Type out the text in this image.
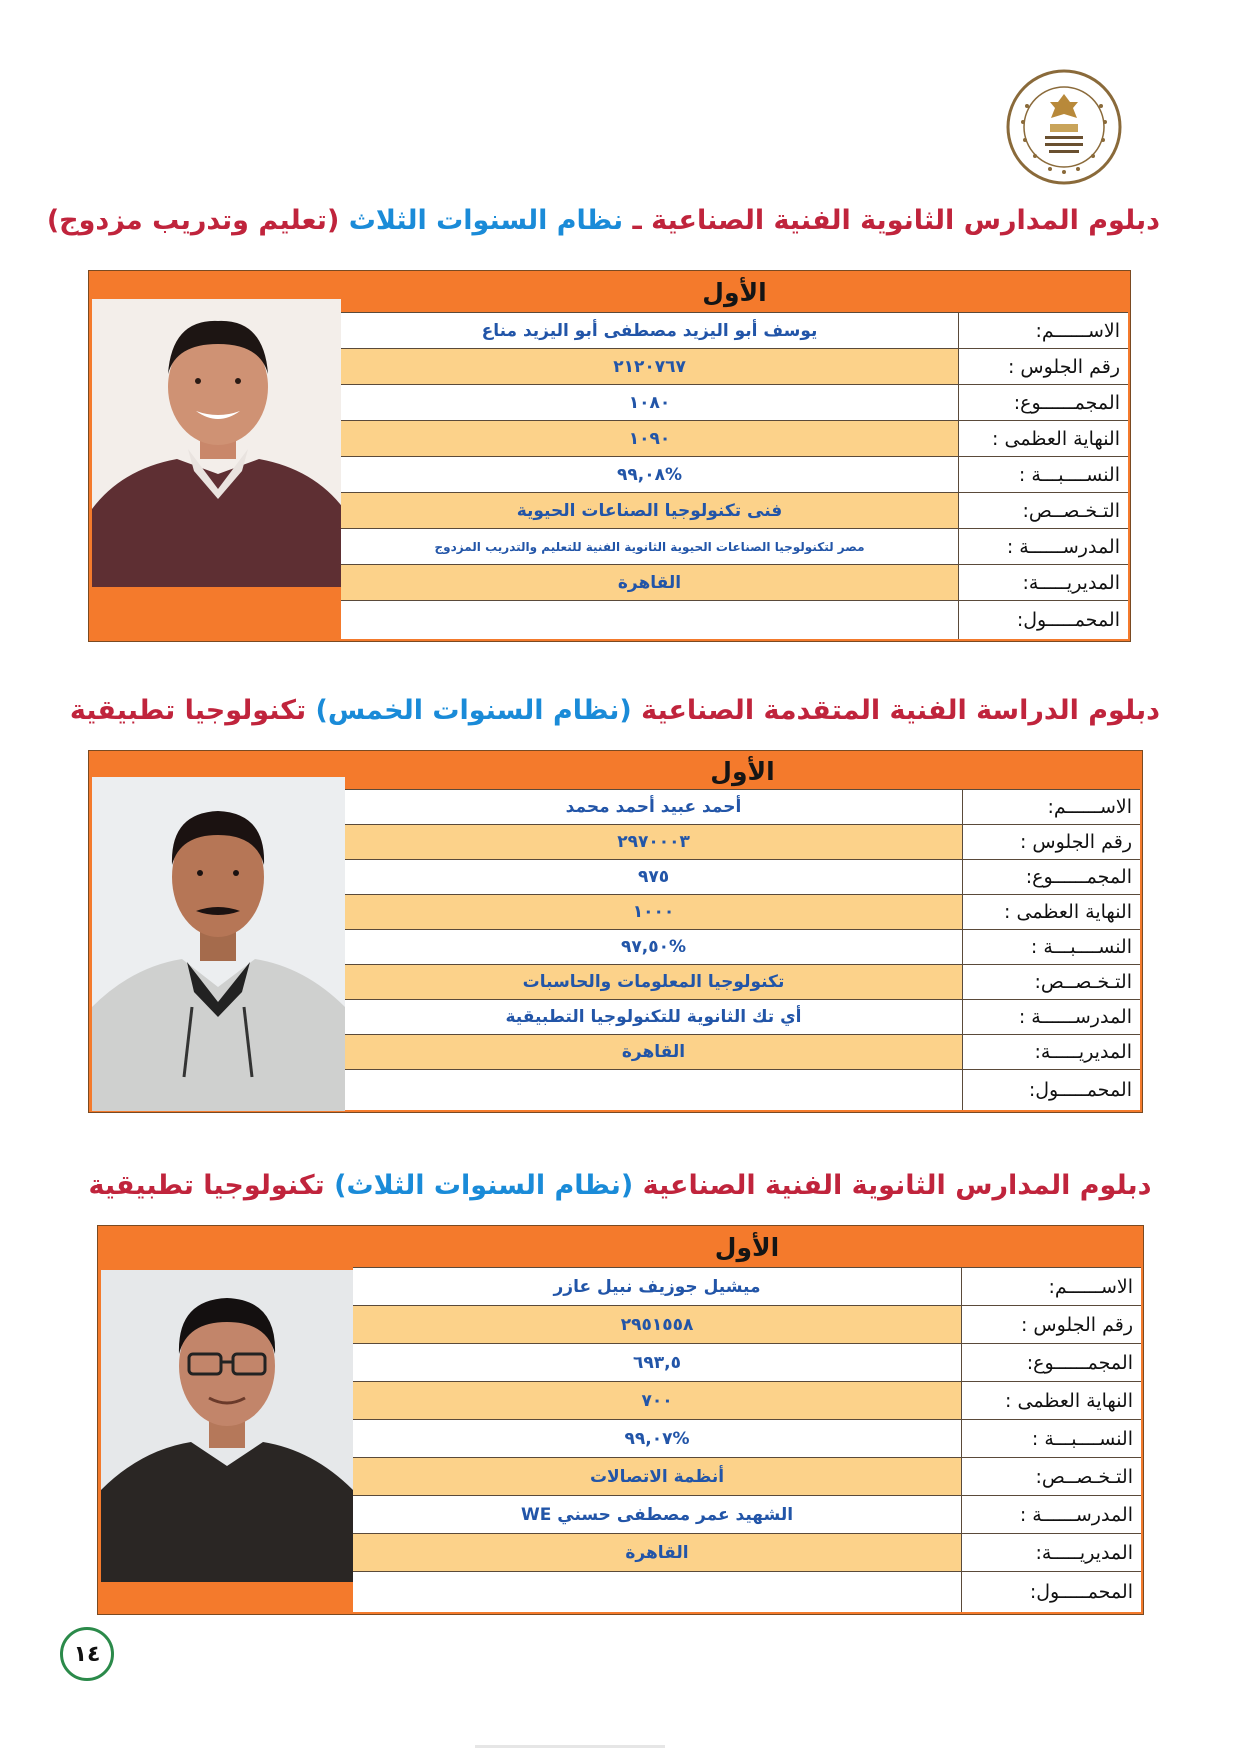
دبلوم المدارس الثانوية الفنية الصناعية ـ نظام السنوات الثلاث (تعليم وتدريب مزدوج)
الأول
يوسف أبو اليزيد مصطفى أبو اليزيد مناع	الاســــــم:
٢١٢٠٧٦٧	رقم الجلوس :
١٠٨٠	المجمــــــوع:
١٠٩٠	النهاية العظمى :
%٩٩,٠٨	النســــبـــة :
فنى تكنولوجيا الصناعات الحيوية	التـخـصــص:
مصر لتكنولوجيا الصناعات الحيوية الثانوية الفنية للتعليم والتدريب المزدوج	المدرســــــة :
القاهرة	المديريـــــة:
المحمـــــول:
دبلوم الدراسة الفنية المتقدمة الصناعية (نظام السنوات الخمس) تكنولوجيا تطبيقية
الأول
أحمد عبيد أحمد محمد	الاســــــم:
٢٩٧٠٠٠٣	رقم الجلوس :
٩٧٥	المجمــــــوع:
١٠٠٠	النهاية العظمى :
%٩٧,٥٠	النســــبـــة :
تكنولوجيا المعلومات والحاسبات	التـخـصــص:
أي تك الثانوية للتكنولوجيا التطبيقية	المدرســــــة :
القاهرة	المديريـــــة:
المحمـــــول:
دبلوم المدارس الثانوية الفنية الصناعية (نظام السنوات الثلاث) تكنولوجيا تطبيقية
الأول
ميشيل جوزيف نبيل عازر	الاســــــم:
٢٩٥١٥٥٨	رقم الجلوس :
٦٩٣,٥	المجمــــــوع:
٧٠٠	النهاية العظمى :
%٩٩,٠٧	النســــبـــة :
أنظمة الاتصالات	التـخـصــص:
الشهيد عمر مصطفى حسني WE	المدرســــــة :
القاهرة	المديريـــــة:
المحمـــــول:
١٤
